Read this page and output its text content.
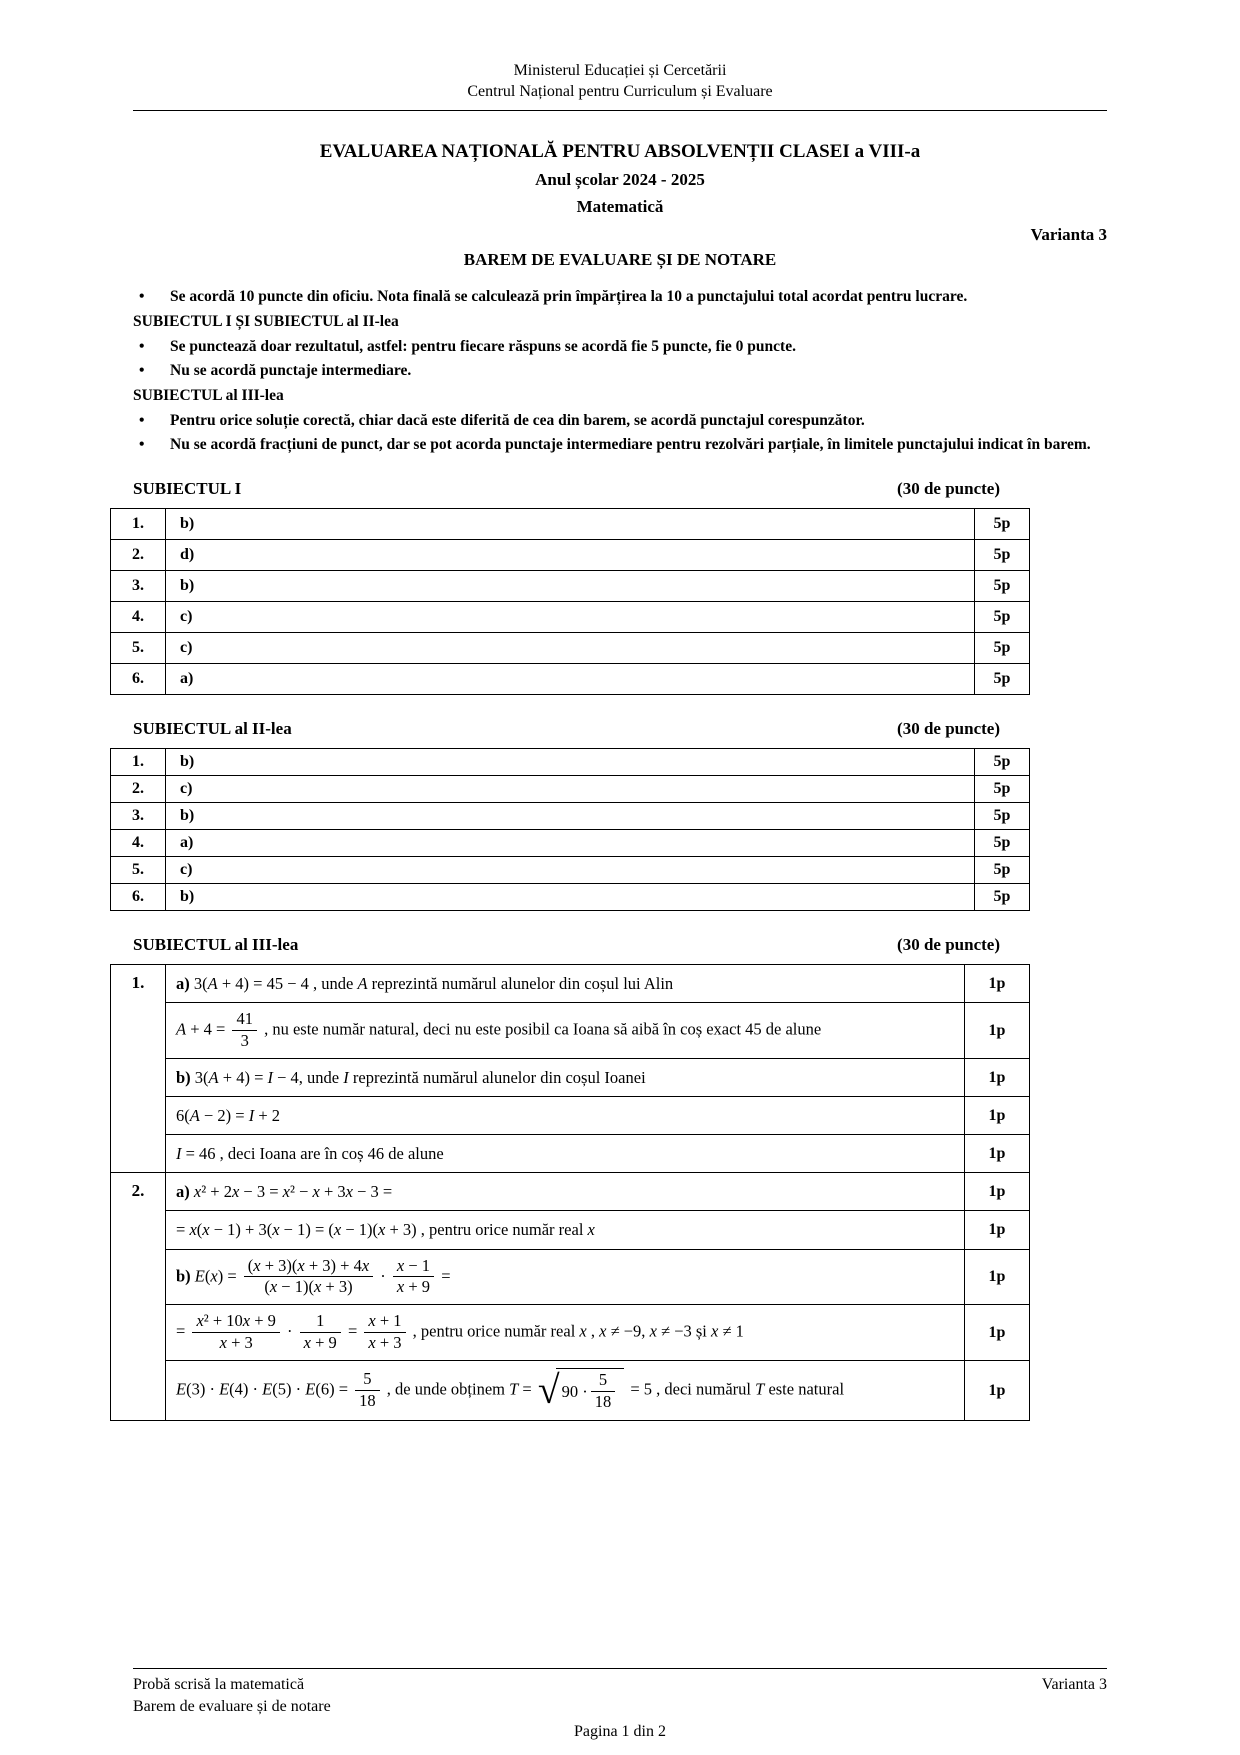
Ministerul Educației și Cercetării
Centrul Național pentru Curriculum și Evaluare
EVALUAREA NAȚIONALĂ PENTRU ABSOLVENȚII CLASEI a VIII-a
Anul școlar 2024 - 2025
Matematică
Varianta 3
BAREM DE EVALUARE ȘI DE NOTARE
•	Se acordă 10 puncte din oficiu. Nota finală se calculează prin împărțirea la 10 a punctajului total acordat pentru lucrare.
SUBIECTUL I ȘI SUBIECTUL al II-lea
•	Se punctează doar rezultatul, astfel: pentru fiecare răspuns se acordă fie 5 puncte, fie 0 puncte.
•	Nu se acordă punctaje intermediare.
SUBIECTUL al III-lea
•	Pentru orice soluție corectă, chiar dacă este diferită de cea din barem, se acordă punctajul corespunzător.
•	Nu se acordă fracțiuni de punct, dar se pot acorda punctaje intermediare pentru rezolvări parțiale, în limitele punctajului indicat în barem.
SUBIECTUL I	(30 de puncte)
1.	b)	5p
2.	d)	5p
3.	b)	5p
4.	c)	5p
5.	c)	5p
6.	a)	5p
SUBIECTUL al II-lea	(30 de puncte)
1.	b)	5p
2.	c)	5p
3.	b)	5p
4.	a)	5p
5.	c)	5p
6.	b)	5p
SUBIECTUL al III-lea	(30 de puncte)
1.	a) 3(A + 4) = 45 − 4 , unde A reprezintă numărul alunelor din coșul lui Alin	1p
	$A + 4 = \frac{41}{3}$ , nu este număr natural, deci nu este posibil ca Ioana să aibă în coș exact 45 de alune	1p
	b) 3(A + 4) = I − 4, unde I reprezintă numărul alunelor din coșul Ioanei	1p
	6(A − 2) = I + 2	1p
	I = 46 , deci Ioana are în coș 46 de alune	1p
2.	a) x² + 2x − 3 = x² − x + 3x − 3 =	1p
	= x(x − 1) + 3(x − 1) = (x − 1)(x + 3) , pentru orice număr real x	1p
b) $E(x) = \frac{(x + 3)(x + 3) + 4x}{(x - 1)(x + 3)} \cdot \frac{x - 1}{x + 9}$ =	1p
= $\frac{\text{x² + 10x + 9}}{x + 3} \cdot \frac{1}{x + 9} = \frac{x + 1}{x + 3}$ , pentru orice număr real x , x ≠ −9, x ≠ −3 și x ≠ 1	1p
$E(3) \cdot E(4) \cdot E(5) \cdot E(6) = \frac{5}{18}$ , de unde obținem T = √ $90 \cdot \frac{5}{18} = 5$ , deci numărul T este natural	1p
Probă scrisă la matematică	Varianta 3
Barem de evaluare și de notare
Pagina 1 din 2
